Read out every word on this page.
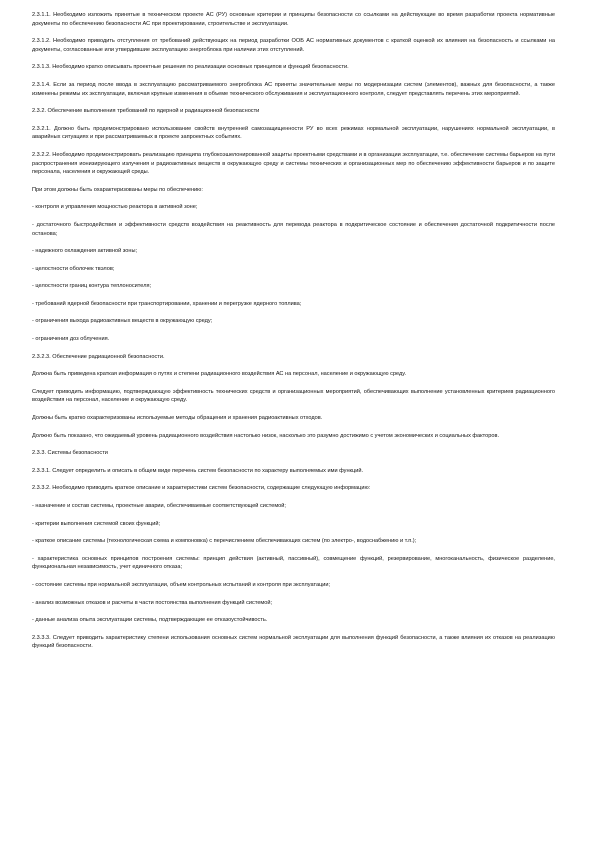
2.3.1.1. Необходимо изложить принятые в техническом проекте АС (РУ) основные критерии и принципы безопасности со ссылками на действующие во время разработки проекта нормативные документы по обеспечению безопасности АС при проектировании, строительстве и эксплуатации.

2.3.1.2. Необходимо приводить отступления от требований действующих на период разработки ООБ АС нормативных документов с краткой оценкой их влияния на безопасность и ссылками на документы, согласованные или утвердившие эксплуатацию энергоблока при наличии этих отступлений.

2.3.1.3. Необходимо кратко описывать проектные решения по реализации основных принципов и функций безопасности.

2.3.1.4. Если за период после ввода в эксплуатацию рассматриваемого энергоблока АС приняты значительные меры по модернизации систем (элементов), важных для безопасности, а также изменены режимы их эксплуатации, включая крупные изменения в объеме технического обслуживания и эксплуатационного контроля, следует представлять перечень этих мероприятий.

2.3.2. Обеспечение выполнения требований по ядерной и радиационной безопасности

2.3.2.1. Должно быть продемонстрировано использование свойств внутренней самозащищенности РУ во всех режимах нормальной эксплуатации, нарушениях нормальной эксплуатации, в аварийных ситуациях и при рассматриваемых в проекте запроектных событиях.

2.3.2.2. Необходимо продемонстрировать реализацию принципа глубокоэшелонированной защиты проектными средствами и в организации эксплуатации, т.е. обеспечение системы барьеров на пути распространения ионизирующего излучения и радиоактивных веществ в окружающую среду и системы технических и организационных мер по обеспечению эффективности барьеров и по защите персонала, населения и окружающей среды.

При этом должны быть охарактеризованы меры по обеспечению:

- контроля и управления мощностью реактора в активной зоне;

- достаточного быстродействия и эффективности средств воздействия на реактивность для перевода реактора в подкритическое состояние и обеспечения достаточной подкритичности после останова;

- надежного охлаждения активной зоны;

- целостности оболочек твэлов;

- целостности границ контура теплоносителя;

- требований ядерной безопасности при транспортировании, хранении и перегрузке ядерного топлива;

- ограничения выхода радиоактивных веществ в окружающую среду;

- ограничения доз облучения.

2.3.2.3. Обеспечение радиационной безопасности.

Должна быть приведена краткая информация о путях и степени радиационного воздействия АС на персонал, население и окружающую среду.

Следует приводить информацию, подтверждающую эффективность технических средств и организационных мероприятий, обеспечивающих выполнение установленных критериев радиационного воздействия на персонал, население и окружающую среду.

Должны быть кратко охарактеризованы используемые методы обращения и хранения радиоактивных отходов.

Должно быть показано, что ожидаемый уровень радиационного воздействия настолько низок, насколько это разумно достижимо с учетом экономических и социальных факторов.

2.3.3. Системы безопасности

2.3.3.1. Следует определить и описать в общем виде перечень систем безопасности по характеру выполняемых ими функций.

2.3.3.2. Необходимо приводить краткое описание и характеристики систем безопасности, содержащие следующую информацию:

- назначение и состав системы, проектные аварии, обеспечиваемые соответствующей системой;

- критерии выполнения системой своих функций;

- краткое описание системы (технологическая схема и компоновка) с перечислением обеспечивающих систем (по электро-, водоснабжению и т.п.);

- характеристика основных принципов построения системы: принцип действия (активный, пассивный), совмещение функций, резервирование, многоканальность, физическое разделение, функциональная независимость, учет единичного отказа;

- состояние системы при нормальной эксплуатации, объем контрольных испытаний и контроля при эксплуатации;

- анализ возможных отказов и расчеты в части постоянства выполнения функций системой;

- данные анализа опыта эксплуатации системы, подтверждающие ее отказоустойчивость.

2.3.3.3. Следует приводить характеристику степени использования основных систем нормальной эксплуатации для выполнения функций безопасности, а также влияния их отказов на реализацию функций безопасности.
